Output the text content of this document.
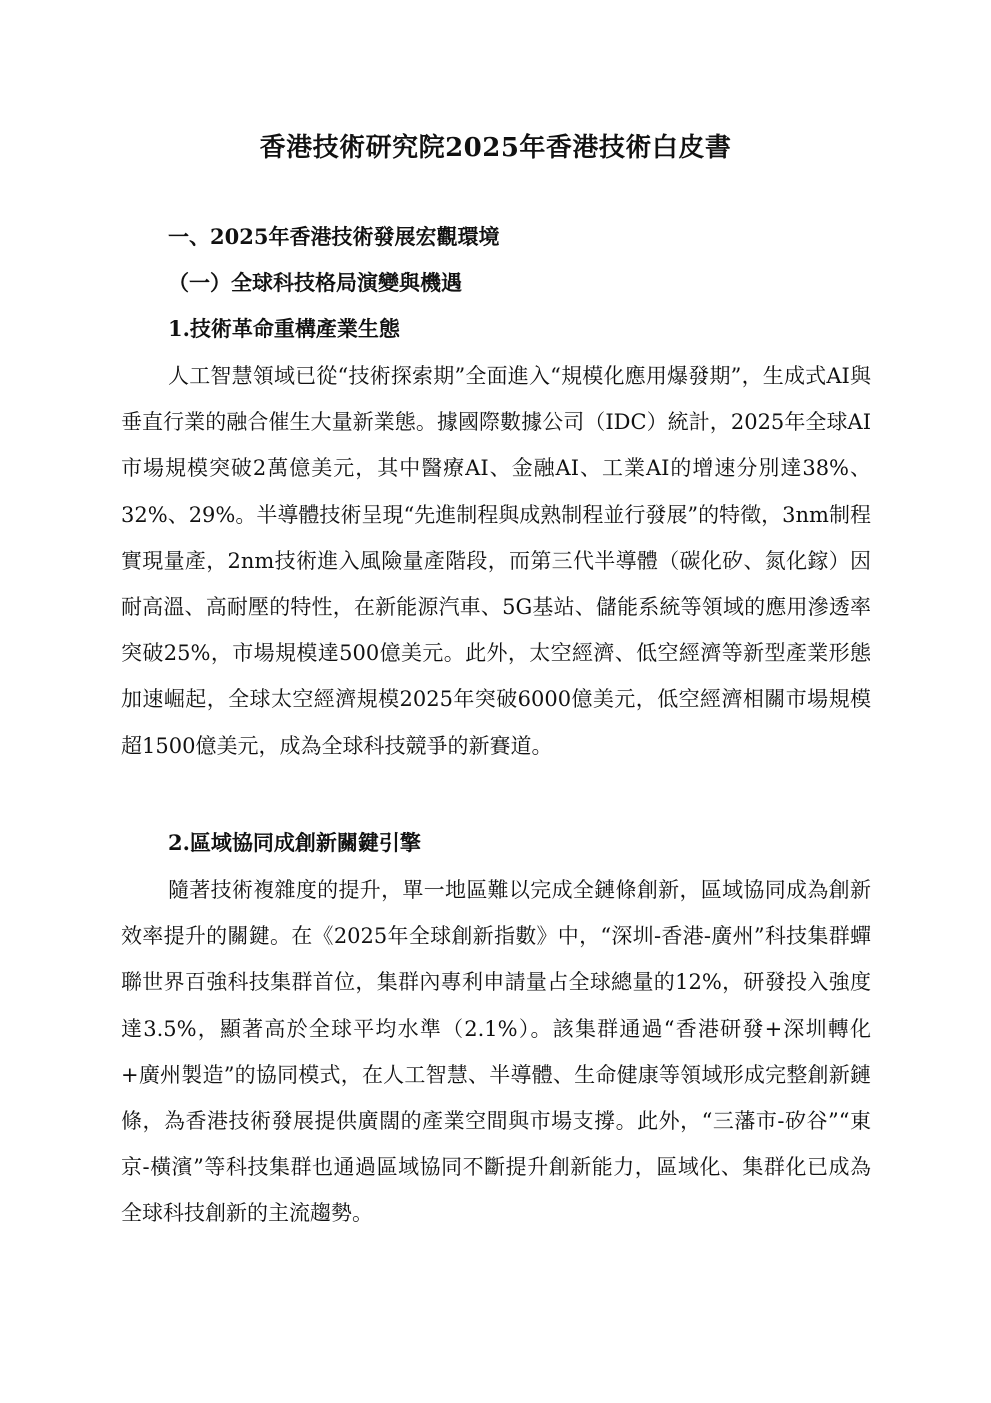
香港技術研究院2025年香港技術白皮書
一、2025年香港技術發展宏觀環境
（一）全球科技格局演變與機遇
1.技術革命重構產業生態

人工智慧領域已從“技術探索期”全面進入“規模化應用爆發期”，生成式AI與垂直行業的融合催生大量新業態。據國際數據公司（IDC）統計，2025年全球AI市場規模突破2萬億美元，其中醫療AI、金融AI、工業AI的增速分別達38%、32%、29%。半導體技術呈現“先進制程與成熟制程並行發展”的特徵，3nm制程實現量產，2nm技術進入風險量產階段，而第三代半導體（碳化矽、氮化鎵）因耐高溫、高耐壓的特性，在新能源汽車、5G基站、儲能系統等領域的應用滲透率突破25%，市場規模達500億美元。此外，太空經濟、低空經濟等新型產業形態加速崛起，全球太空經濟規模2025年突破6000億美元，低空經濟相關市場規模超1500億美元，成為全球科技競爭的新賽道。

2.區域協同成創新關鍵引擎

隨著技術複雜度的提升，單一地區難以完成全鏈條創新，區域協同成為創新效率提升的關鍵。在《2025年全球創新指數》中，“深圳-香港-廣州”科技集群蟬聯世界百強科技集群首位，集群內專利申請量占全球總量的12%，研發投入強度達3.5%，顯著高於全球平均水準（2.1%）。該集群通過“香港研發+深圳轉化+廣州製造”的協同模式，在人工智慧、半導體、生命健康等領域形成完整創新鏈條，為香港技術發展提供廣闊的產業空間與市場支撐。此外，“三藩市-矽谷”“東京-橫濱”等科技集群也通過區域協同不斷提升創新能力，區域化、集群化已成為全球科技創新的主流趨勢。
